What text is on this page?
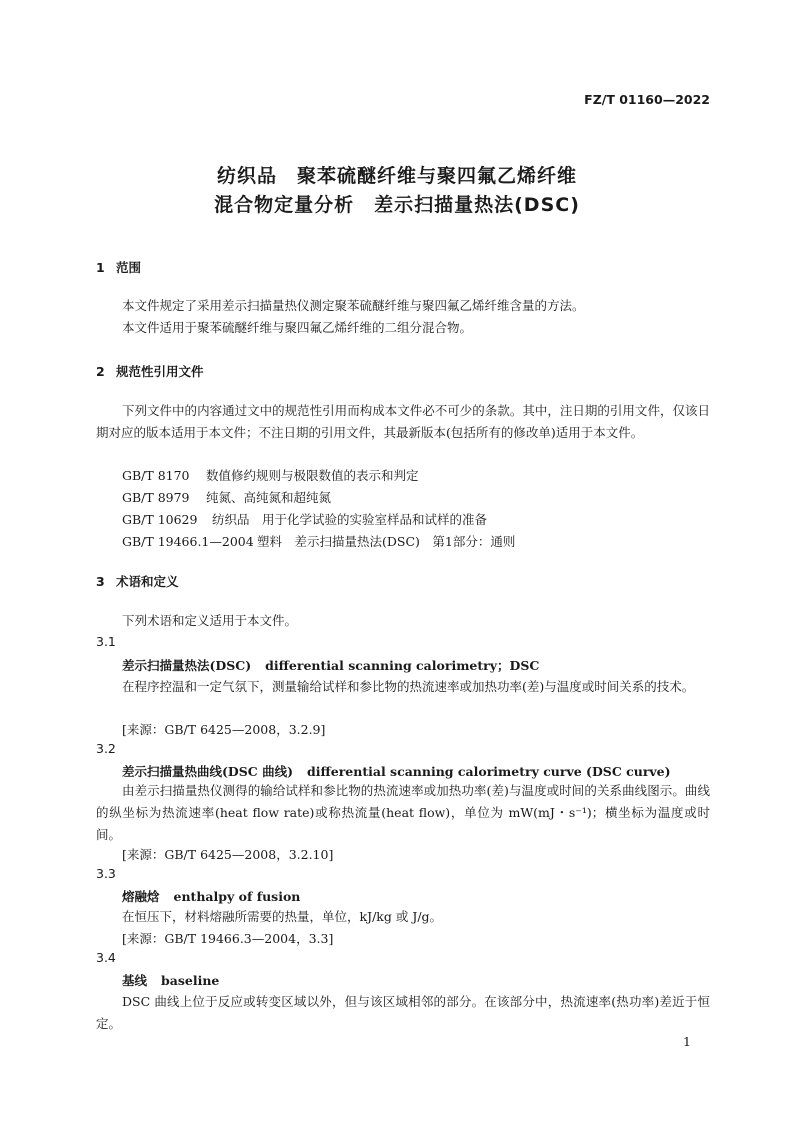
FZ/T 01160—2022
纺织品　聚苯硫醚纤维与聚四氟乙烯纤维
混合物定量分析　差示扫描量热法(DSC)
1 范围
本文件规定了采用差示扫描量热仪测定聚苯硫醚纤维与聚四氟乙烯纤维含量的方法。
本文件适用于聚苯硫醚纤维与聚四氟乙烯纤维的二组分混合物。
2 规范性引用文件
下列文件中的内容通过文中的规范性引用而构成本文件必不可少的条款。其中，注日期的引用文件，仅该日期对应的版本适用于本文件；不注日期的引用文件，其最新版本(包括所有的修改单)适用于本文件。
GB/T 8170 数值修约规则与极限数值的表示和判定
GB/T 8979 纯氮、高纯氮和超纯氮
GB/T 10629 纺织品　用于化学试验的实验室样品和试样的准备
GB/T 19466.1—2004 塑料　差示扫描量热法(DSC)　第1部分：通则
3 术语和定义
下列术语和定义适用于本文件。
3.1
差示扫描量热法(DSC) differential scanning calorimetry；DSC
在程序控温和一定气氛下，测量输给试样和参比物的热流速率或加热功率(差)与温度或时间关系的技术。
[来源：GB/T 6425—2008，3.2.9]
3.2
差示扫描量热曲线(DSC 曲线) differential scanning calorimetry curve (DSC curve)
由差示扫描量热仪测得的输给试样和参比物的热流速率或加热功率(差)与温度或时间的关系曲线图示。曲线的纵坐标为热流速率(heat flow rate)或称热流量(heat flow)，单位为 mW(mJ・s⁻¹)；横坐标为温度或时间。
[来源：GB/T 6425—2008，3.2.10]
3.3
熔融焓 enthalpy of fusion
在恒压下，材料熔融所需要的热量，单位，kJ/kg 或 J/g。
[来源：GB/T 19466.3—2004，3.3]
3.4
基线 baseline
DSC 曲线上位于反应或转变区域以外，但与该区域相邻的部分。在该部分中，热流速率(热功率)差近于恒定。
1
